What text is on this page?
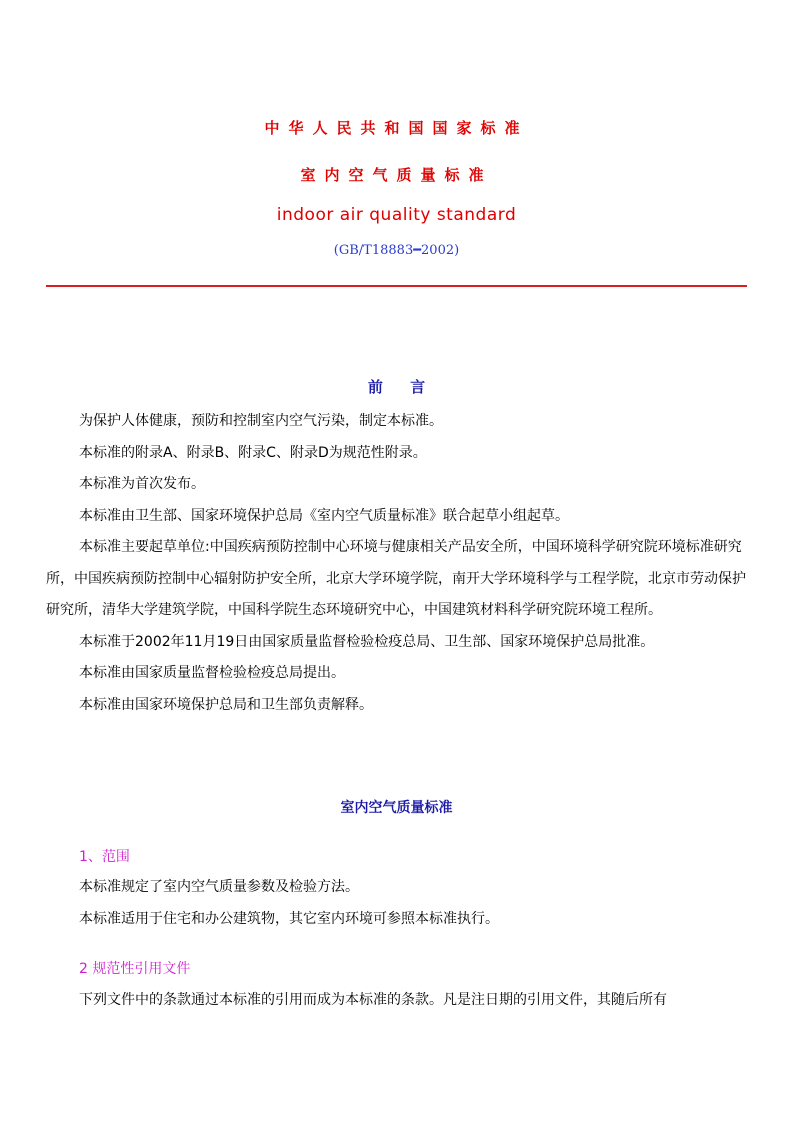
中华人民共和国国家标准
室内空气质量标准
indoor air quality standard
(GB/T18883━2002)
前 言

为保护人体健康，预防和控制室内空气污染，制定本标准。

本标准的附录A、附录B、附录C、附录D为规范性附录。

本标准为首次发布。

本标准由卫生部、国家环境保护总局《室内空气质量标准》联合起草小组起草。

本标准主要起草单位:中国疾病预防控制中心环境与健康相关产品安全所，中国环境科学研究院环境标准研究所，中国疾病预防控制中心辐射防护安全所，北京大学环境学院，南开大学环境科学与工程学院，北京市劳动保护研究所，清华大学建筑学院，中国科学院生态环境研究中心，中国建筑材料科学研究院环境工程所。

本标准于2002年11月19日由国家质量监督检验检疫总局、卫生部、国家环境保护总局批准。

本标准由国家质量监督检验检疫总局提出。

本标准由国家环境保护总局和卫生部负责解释。

室内空气质量标准
1、范围

本标准规定了室内空气质量参数及检验方法。

本标准适用于住宅和办公建筑物，其它室内环境可参照本标准执行。

2 规范性引用文件

下列文件中的条款通过本标准的引用而成为本标准的条款。凡是注日期的引用文件，其随后所有
